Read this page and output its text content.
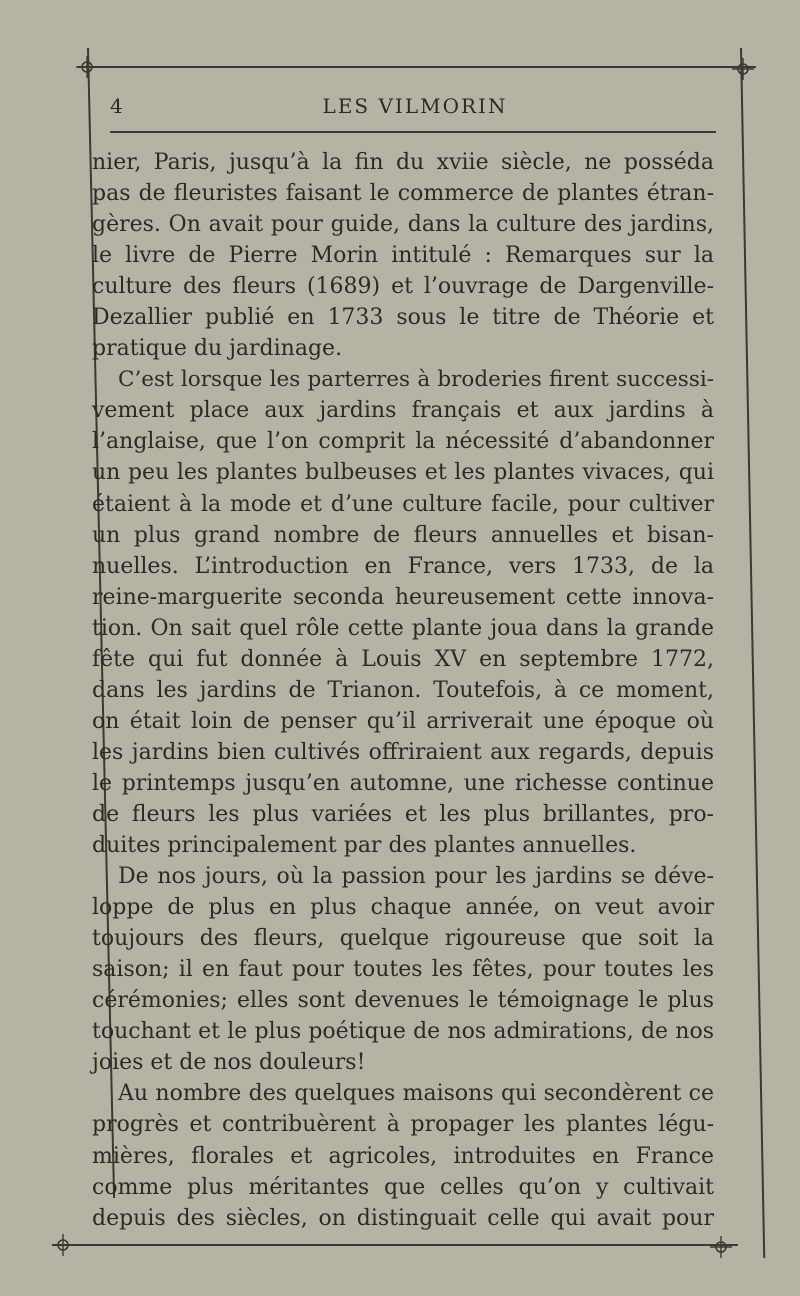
4	LES VILMORIN
nier, Paris, jusqu’à la fin du xviie siècle, ne posséda
pas de fleuristes faisant le commerce de plantes étran-
gères. On avait pour guide, dans la culture des jardins,
le livre de Pierre Morin intitulé : Remarques sur la
culture des fleurs (1689) et l’ouvrage de Dargenville-
Dezallier publié en 1733 sous le titre de Théorie et
pratique du jardinage.
C’est lorsque les parterres à broderies firent successi-
vement place aux jardins français et aux jardins à
l’anglaise, que l’on comprit la nécessité d’abandonner
un peu les plantes bulbeuses et les plantes vivaces, qui
étaient à la mode et d’une culture facile, pour cultiver
un plus grand nombre de fleurs annuelles et bisan-
nuelles. L’introduction en France, vers 1733, de la
reine-marguerite seconda heureusement cette innova-
tion. On sait quel rôle cette plante joua dans la grande
fête qui fut donnée à Louis XV en septembre 1772,
dans les jardins de Trianon. Toutefois, à ce moment,
on était loin de penser qu’il arriverait une époque où
les jardins bien cultivés offriraient aux regards, depuis
le printemps jusqu’en automne, une richesse continue
de fleurs les plus variées et les plus brillantes, pro-
duites principalement par des plantes annuelles.
De nos jours, où la passion pour les jardins se déve-
loppe de plus en plus chaque année, on veut avoir
toujours des fleurs, quelque rigoureuse que soit la
saison; il en faut pour toutes les fêtes, pour toutes les
cérémonies; elles sont devenues le témoignage le plus
touchant et le plus poétique de nos admirations, de nos
joies et de nos douleurs!
Au nombre des quelques maisons qui secondèrent ce
progrès et contribuèrent à propager les plantes légu-
mières, florales et agricoles, introduites en France
comme plus méritantes que celles qu’on y cultivait
depuis des siècles, on distinguait celle qui avait pour
